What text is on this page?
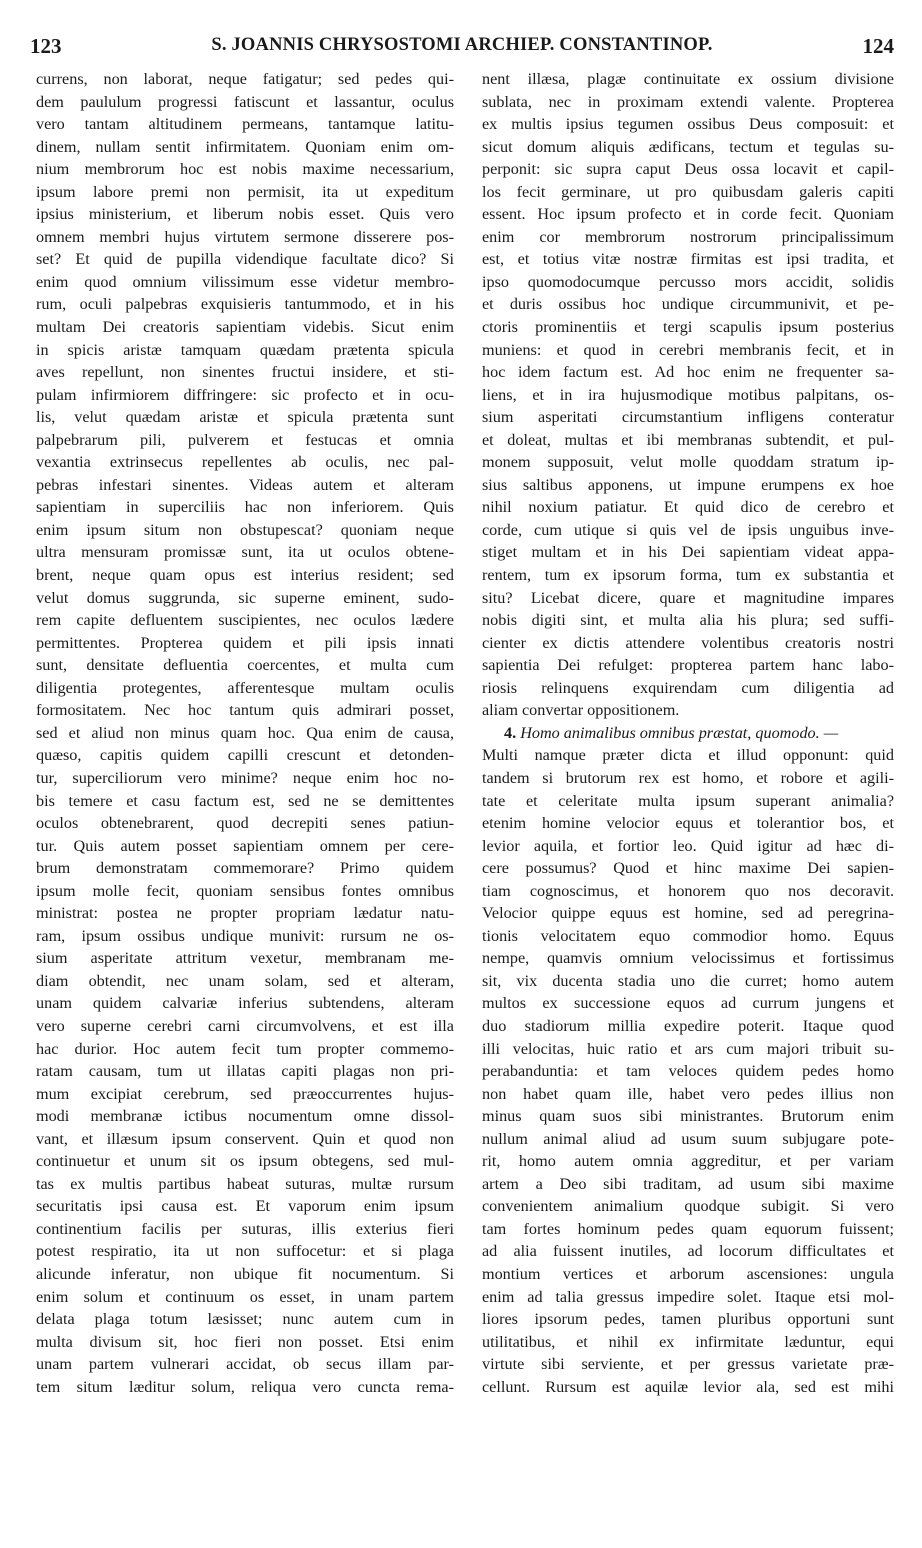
123	S. JOANNIS CHRYSOSTOMI ARCHIEP. CONSTANTINOP.	124
currens, non laborat, neque fatigatur; sed pedes qui-
dem paululum progressi fatiscunt et lassantur, oculus
vero tantam altitudinem permeans, tantamque latitu-
dinem, nullam sentit infirmitatem. Quoniam enim om-
nium membrorum hoc est nobis maxime necessarium,
ipsum labore premi non permisit, ita ut expeditum
ipsius ministerium, et liberum nobis esset. Quis vero
omnem membri hujus virtutem sermone disserere pos-
set? Et quid de pupilla videndique facultate dico? Si
enim quod omnium vilissimum esse videtur membro-
rum, oculi palpebras exquisieris tantummodo, et in his
multam Dei creatoris sapientiam videbis. Sicut enim
in spicis aristæ tamquam quædam prætenta spicula
aves repellunt, non sinentes fructui insidere, et sti-
pulam infirmiorem diffringere: sic profecto et in ocu-
lis, velut quædam aristæ et spicula prætenta sunt
palpebrarum pili, pulverem et festucas et omnia
vexantia extrinsecus repellentes ab oculis, nec pal-
pebras infestari sinentes. Videas autem et alteram
sapientiam in superciliis hac non inferiorem. Quis
enim ipsum situm non obstupescat? quoniam neque
ultra mensuram promissæ sunt, ita ut oculos obtene-
brent, neque quam opus est interius resident; sed
velut domus suggrunda, sic superne eminent, sudo-
rem capite defluentem suscipientes, nec oculos lædere
permittentes. Propterea quidem et pili ipsis innati
sunt, densitate defluentia coercentes, et multa cum
diligentia protegentes, afferentesque multam oculis
formositatem. Nec hoc tantum quis admirari posset,
sed et aliud non minus quam hoc. Qua enim de causa,
quæso, capitis quidem capilli crescunt et detonden-
tur, superciliorum vero minime? neque enim hoc no-
bis temere et casu factum est, sed ne se demittentes
oculos obtenebrarent, quod decrepiti senes patiun-
tur. Quis autem posset sapientiam omnem per cere-
brum demonstratam commemorare? Primo quidem
ipsum molle fecit, quoniam sensibus fontes omnibus
ministrat: postea ne propter propriam lædatur natu-
ram, ipsum ossibus undique munivit: rursum ne os-
sium asperitate attritum vexetur, membranam me-
diam obtendit, nec unam solam, sed et alteram,
unam quidem calvariæ inferius subtendens, alteram
vero superne cerebri carni circumvolvens, et est illa
hac durior. Hoc autem fecit tum propter commemo-
ratam causam, tum ut illatas capiti plagas non pri-
mum excipiat cerebrum, sed præoccurrentes hujus-
modi membranæ ictibus nocumentum omne dissol-
vant, et illæsum ipsum conservent. Quin et quod non
continuetur et unum sit os ipsum obtegens, sed mul-
tas ex multis partibus habeat suturas, multæ rursum
securitatis ipsi causa est. Et vaporum enim ipsum
continentium facilis per suturas, illis exterius fieri
potest respiratio, ita ut non suffocetur: et si plaga
alicunde inferatur, non ubique fit nocumentum. Si
enim solum et continuum os esset, in unam partem
delata plaga totum læsisset; nunc autem cum in
multa divisum sit, hoc fieri non posset. Etsi enim
unam partem vulnerari accidat, ob secus illam par-
tem situm læditur solum, reliqua vero cuncta rema-
nent illæsa, plagæ continuitate ex ossium divisione
sublata, nec in proximam extendi valente. Propterea
ex multis ipsius tegumen ossibus Deus composuit: et
sicut domum aliquis ædificans, tectum et tegulas su-
perponit: sic supra caput Deus ossa locavit et capil-
los fecit germinare, ut pro quibusdam galeris capiti
essent. Hoc ipsum profecto et in corde fecit. Quoniam
enim cor membrorum nostrorum principalissimum
est, et totius vitæ nostræ firmitas est ipsi tradita, et
ipso quomodocumque percusso mors accidit, solidis
et duris ossibus hoc undique circummunivit, et pe-
ctoris prominentiis et tergi scapulis ipsum posterius
muniens: et quod in cerebri membranis fecit, et in
hoc idem factum est. Ad hoc enim ne frequenter sa-
liens, et in ira hujusmodique motibus palpitans, os-
sium asperitati circumstantium infligens conteratur
et doleat, multas et ibi membranas subtendit, et pul-
monem supposuit, velut molle quoddam stratum ip-
sius saltibus apponens, ut impune erumpens ex hoe
nihil noxium patiatur. Et quid dico de cerebro et
corde, cum utique si quis vel de ipsis unguibus inve-
stiget multam et in his Dei sapientiam videat appa-
rentem, tum ex ipsorum forma, tum ex substantia et
situ? Licebat dicere, quare et magnitudine impares
nobis digiti sint, et multa alia his plura; sed suffi-
cienter ex dictis attendere volentibus creatoris nostri
sapientia Dei refulget: propterea partem hanc labo-
riosis relinquens exquirendam cum diligentia ad
aliam convertar oppositionem.
4. Homo animalibus omnibus præstat, quomodo. —
Multi namque præter dicta et illud opponunt: quid
tandem si brutorum rex est homo, et robore et agili-
tate et celeritate multa ipsum superant animalia?
etenim homine velocior equus et tolerantior bos, et
levior aquila, et fortior leo. Quid igitur ad hæc di-
cere possumus? Quod et hinc maxime Dei sapien-
tiam cognoscimus, et honorem quo nos decoravit.
Velocior quippe equus est homine, sed ad peregrina-
tionis velocitatem equo commodior homo. Equus
nempe, quamvis omnium velocissimus et fortissimus
sit, vix ducenta stadia uno die curret; homo autem
multos ex successione equos ad currum jungens et
duo stadiorum millia expedire poterit. Itaque quod
illi velocitas, huic ratio et ars cum majori tribuit su-
perabanduntia: et tam veloces quidem pedes homo
non habet quam ille, habet vero pedes illius non
minus quam suos sibi ministrantes. Brutorum enim
nullum animal aliud ad usum suum subjugare pote-
rit, homo autem omnia aggreditur, et per variam
artem a Deo sibi traditam, ad usum sibi maxime
convenientem animalium quodque subigit. Si vero
tam fortes hominum pedes quam equorum fuissent;
ad alia fuissent inutiles, ad locorum difficultates et
montium vertices et arborum ascensiones: ungula
enim ad talia gressus impedire solet. Itaque etsi mol-
liores ipsorum pedes, tamen pluribus opportuni sunt
utilitatibus, et nihil ex infirmitate læduntur, equi
virtute sibi serviente, et per gressus varietate præ-
cellunt. Rursum est aquilæ levior ala, sed est mihi
